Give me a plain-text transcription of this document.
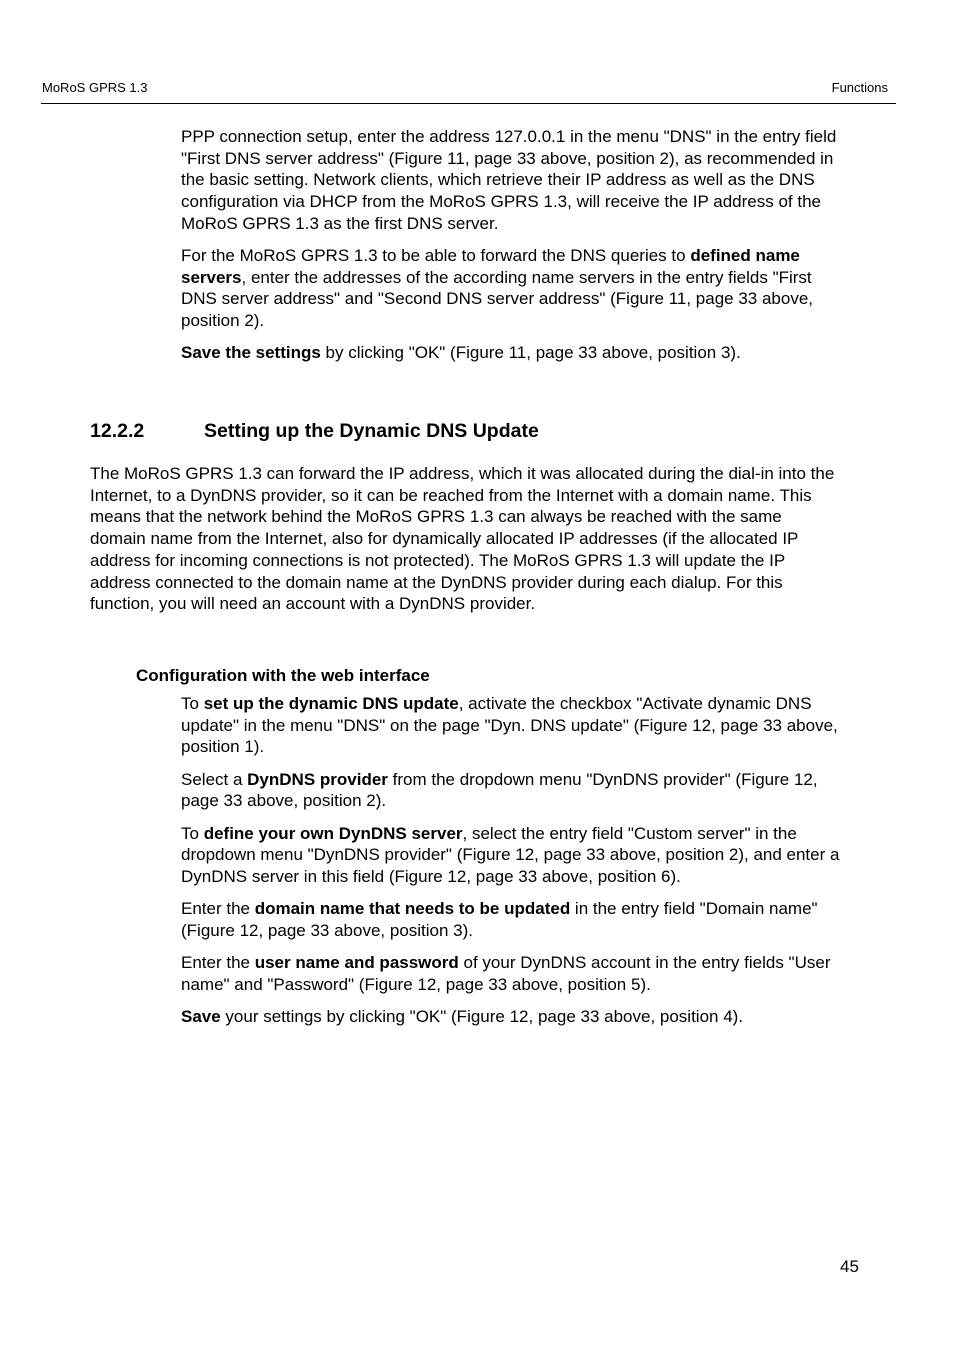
MoRoS GPRS 1.3	Functions

PPP connection setup, enter the address 127.0.0.1 in the menu "DNS" in the entry field "First DNS server address" (Figure 11, page 33 above, position 2), as recommended in the basic setting. Network clients, which retrieve their IP address as well as the DNS configuration via DHCP from the MoRoS GPRS 1.3, will receive the IP address of the MoRoS GPRS 1.3 as the first DNS server.

For the MoRoS GPRS 1.3 to be able to forward the DNS queries to defined name servers, enter the addresses of the according name servers in the entry fields "First DNS server address" and "Second DNS server address" (Figure 11, page 33 above, position 2).

Save the settings by clicking "OK" (Figure 11, page 33 above, position 3).

12.2.2	Setting up the Dynamic DNS Update

The MoRoS GPRS 1.3 can forward the IP address, which it was allocated during the dial-in into the Internet, to a DynDNS provider, so it can be reached from the Internet with a domain name. This means that the network behind the MoRoS GPRS 1.3 can always be reached with the same domain name from the Internet, also for dynamically allocated IP addresses (if the allocated IP address for incoming connections is not protected). The MoRoS GPRS 1.3 will update the IP address connected to the domain name at the DynDNS provider during each dialup. For this function, you will need an account with a DynDNS provider.

Configuration with the web interface

To set up the dynamic DNS update, activate the checkbox "Activate dynamic DNS update" in the menu "DNS" on the page "Dyn. DNS update" (Figure 12, page 33 above, position 1).

Select a DynDNS provider from the dropdown menu "DynDNS provider" (Figure 12, page 33 above, position 2).

To define your own DynDNS server, select the entry field "Custom server" in the dropdown menu "DynDNS provider" (Figure 12, page 33 above, position 2), and enter a DynDNS server in this field (Figure 12, page 33 above, position 6).

Enter the domain name that needs to be updated in the entry field "Domain name" (Figure 12, page 33 above, position 3).

Enter the user name and password of your DynDNS account in the entry fields "User name" and "Password" (Figure 12, page 33 above, position 5).

Save your settings by clicking "OK" (Figure 12, page 33 above, position 4).

45
